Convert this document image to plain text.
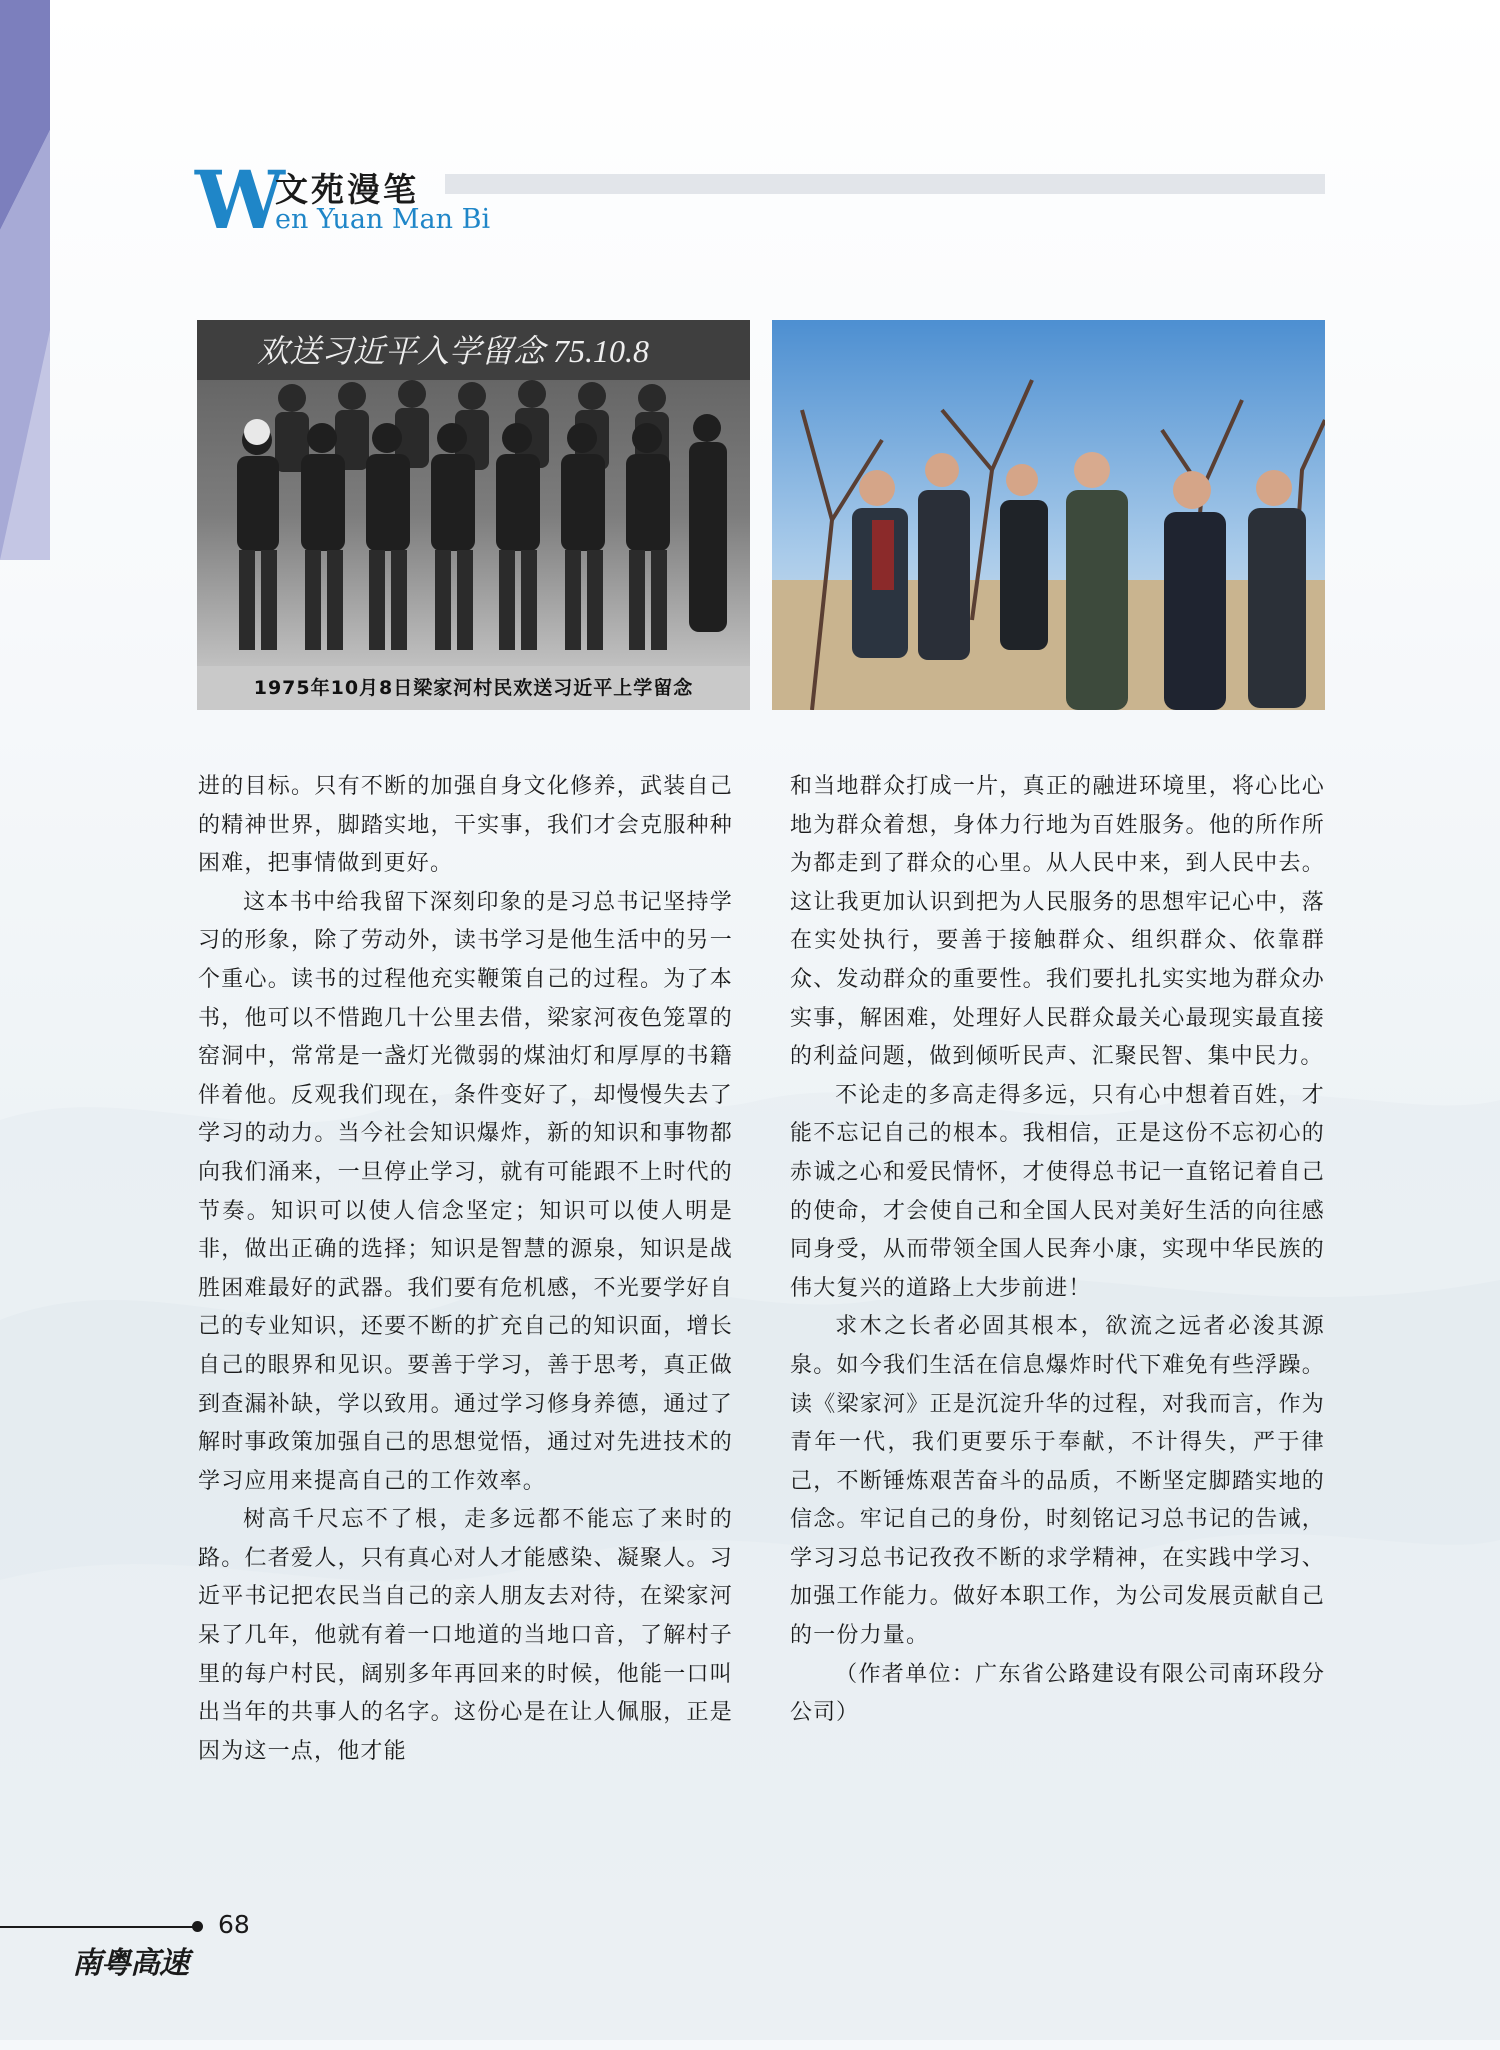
W
文苑漫笔
en Yuan Man Bi
欢送习近平入学留念 75.10.8
1975年10月8日梁家河村民欢送习近平上学留念

进的目标。只有不断的加强自身文化修养，武装自己的精神世界，脚踏实地，干实事，我们才会克服种种困难，把事情做到更好。

这本书中给我留下深刻印象的是习总书记坚持学习的形象，除了劳动外，读书学习是他生活中的另一个重心。读书的过程他充实鞭策自己的过程。为了本书，他可以不惜跑几十公里去借，梁家河夜色笼罩的窑洞中，常常是一盏灯光微弱的煤油灯和厚厚的书籍伴着他。反观我们现在，条件变好了，却慢慢失去了学习的动力。当今社会知识爆炸，新的知识和事物都向我们涌来，一旦停止学习，就有可能跟不上时代的节奏。知识可以使人信念坚定；知识可以使人明是非，做出正确的选择；知识是智慧的源泉，知识是战胜困难最好的武器。我们要有危机感，不光要学好自己的专业知识，还要不断的扩充自己的知识面，增长自己的眼界和见识。要善于学习，善于思考，真正做到查漏补缺，学以致用。通过学习修身养德，通过了解时事政策加强自己的思想觉悟，通过对先进技术的学习应用来提高自己的工作效率。

树高千尺忘不了根，走多远都不能忘了来时的路。仁者爱人，只有真心对人才能感染、凝聚人。习近平书记把农民当自己的亲人朋友去对待，在梁家河呆了几年，他就有着一口地道的当地口音，了解村子里的每户村民，阔别多年再回来的时候，他能一口叫出当年的共事人的名字。这份心是在让人佩服，正是因为这一点，他才能

和当地群众打成一片，真正的融进环境里，将心比心地为群众着想，身体力行地为百姓服务。他的所作所为都走到了群众的心里。从人民中来，到人民中去。这让我更加认识到把为人民服务的思想牢记心中，落在实处执行，要善于接触群众、组织群众、依靠群众、发动群众的重要性。我们要扎扎实实地为群众办实事，解困难，处理好人民群众最关心最现实最直接的利益问题，做到倾听民声、汇聚民智、集中民力。

不论走的多高走得多远，只有心中想着百姓，才能不忘记自己的根本。我相信，正是这份不忘初心的赤诚之心和爱民情怀，才使得总书记一直铭记着自己的使命，才会使自己和全国人民对美好生活的向往感同身受，从而带领全国人民奔小康，实现中华民族的伟大复兴的道路上大步前进！

求木之长者必固其根本，欲流之远者必浚其源泉。如今我们生活在信息爆炸时代下难免有些浮躁。读《梁家河》正是沉淀升华的过程，对我而言，作为青年一代，我们更要乐于奉献，不计得失，严于律己，不断锤炼艰苦奋斗的品质，不断坚定脚踏实地的信念。牢记自己的身份，时刻铭记习总书记的告诫，学习习总书记孜孜不断的求学精神，在实践中学习、加强工作能力。做好本职工作，为公司发展贡献自己的一份力量。

（作者单位：广东省公路建设有限公司南环段分公司）

68
南粤高速
